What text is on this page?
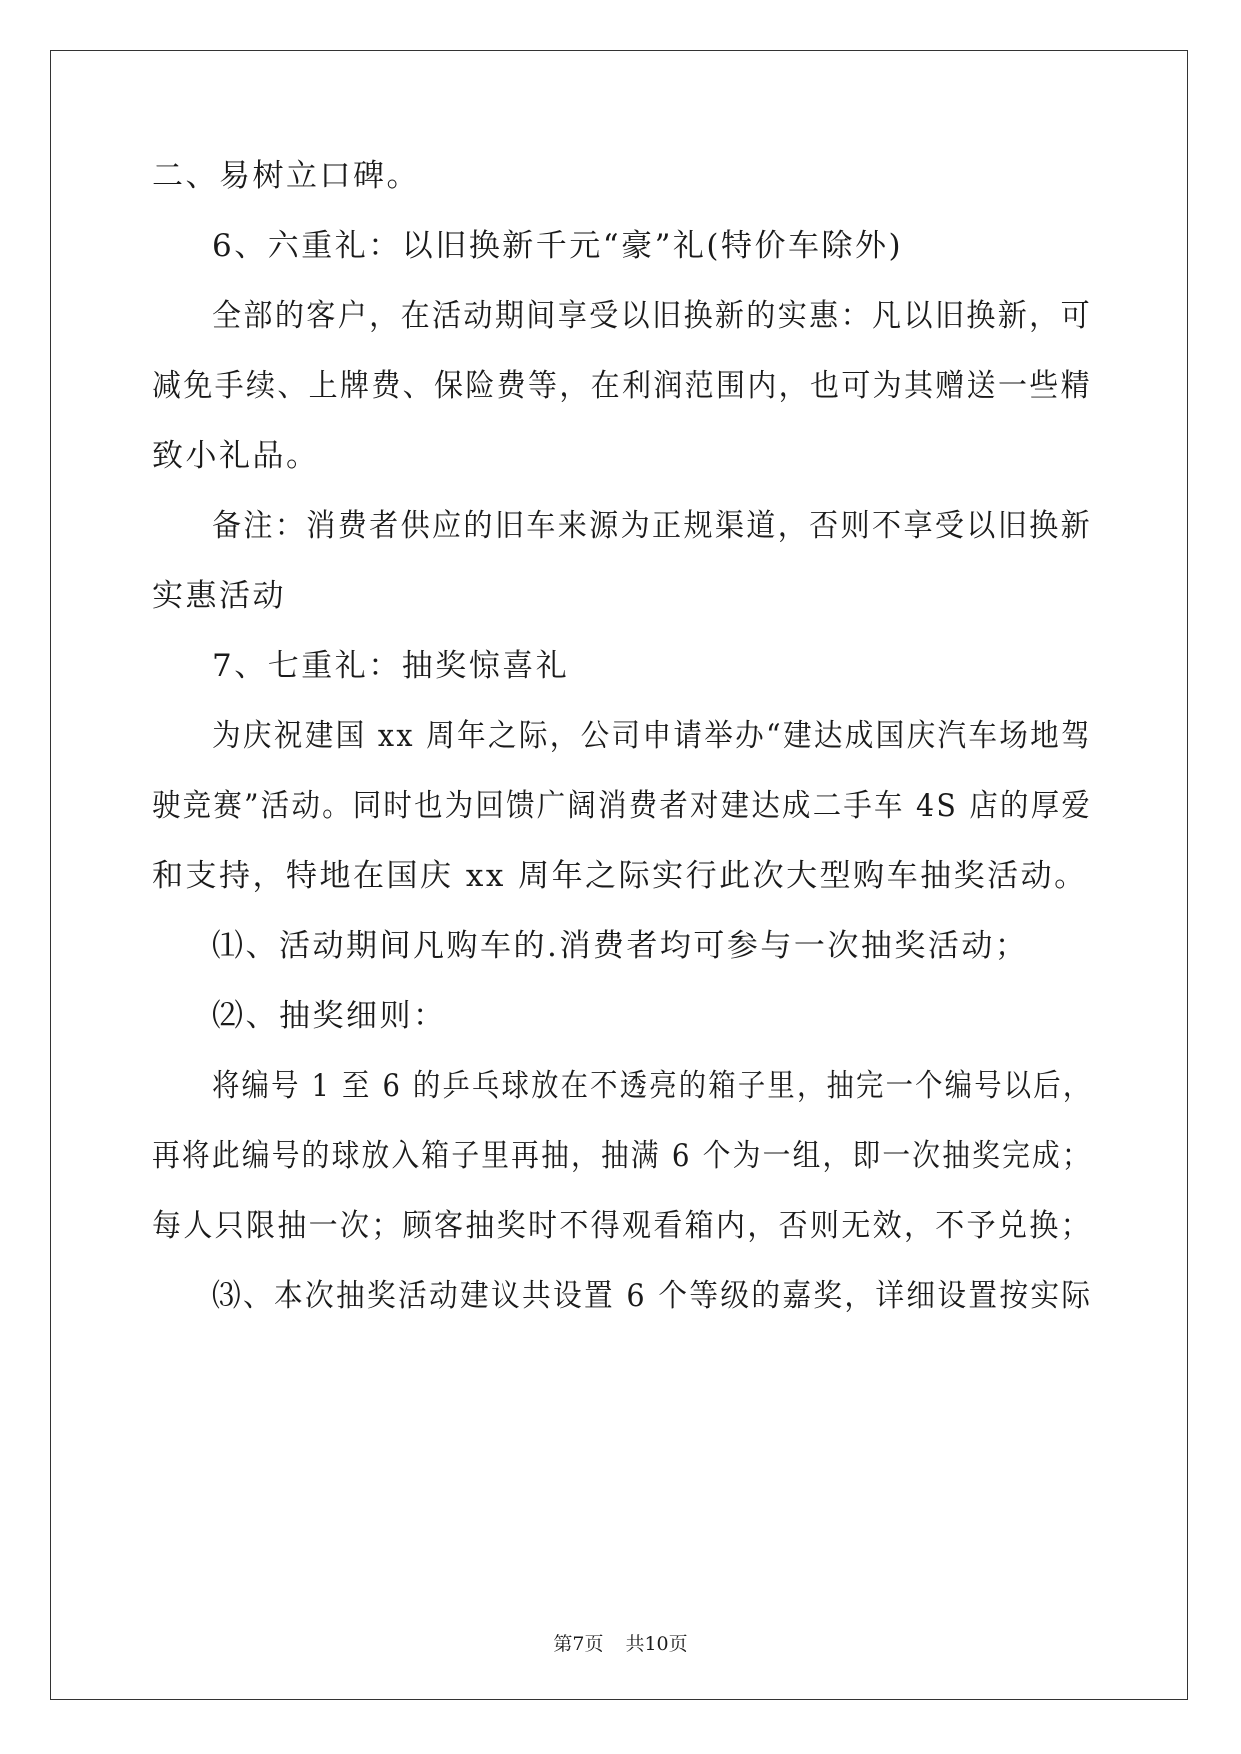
二、易树立口碑。
6、六重礼：以旧换新千元“豪”礼(特价车除外)
全部的客户，在活动期间享受以旧换新的实惠：凡以旧换新，可
减免手续、上牌费、保险费等，在利润范围内，也可为其赠送一些精
致小礼品。
备注：消费者供应的旧车来源为正规渠道，否则不享受以旧换新
实惠活动
7、七重礼：抽奖惊喜礼
为庆祝建国 xx 周年之际，公司申请举办“建达成国庆汽车场地驾
驶竞赛”活动。同时也为回馈广阔消费者对建达成二手车 4S 店的厚爱
和支持，特地在国庆 xx 周年之际实行此次大型购车抽奖活动。
⑴、活动期间凡购车的.消费者均可参与一次抽奖活动；
⑵、抽奖细则：
将编号 1 至 6 的乒乓球放在不透亮的箱子里，抽完一个编号以后，
再将此编号的球放入箱子里再抽，抽满 6 个为一组，即一次抽奖完成；
每人只限抽一次；顾客抽奖时不得观看箱内，否则无效，不予兑换；
⑶、本次抽奖活动建议共设置 6 个等级的嘉奖，详细设置按实际
第7页 共10页
